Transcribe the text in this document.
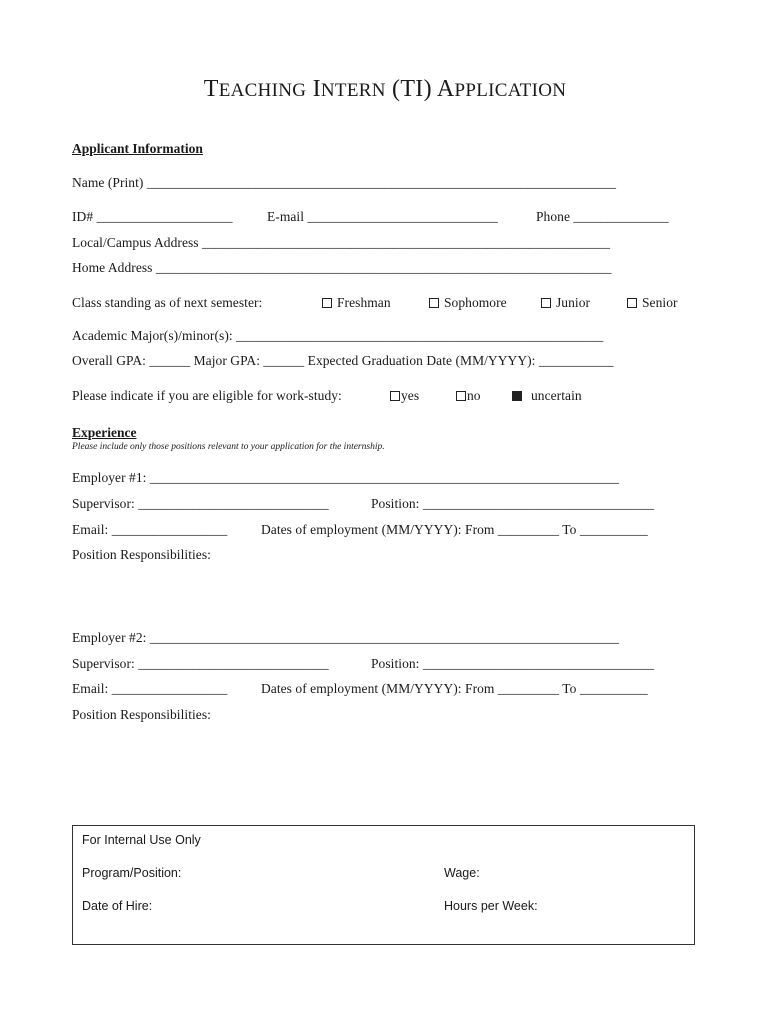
TEACHING INTERN (TI) APPLICATION
Applicant Information
Name (Print) _____________________________________________________________________
ID# ____________________	E-mail ____________________________	Phone ______________
Local/Campus Address ____________________________________________________________
Home Address ___________________________________________________________________
Class standing as of next semester:	Freshman	Sophomore	Junior	Senior
Academic Major(s)/minor(s): ______________________________________________________
Overall GPA: ______ Major GPA: ______ Expected Graduation Date (MM/YYYY): ___________
Please indicate if you are eligible for work-study:	yes	no	uncertain
Experience
Please include only those positions relevant to your application for the internship.
Employer #1: _____________________________________________________________________
Supervisor: ____________________________	Position: __________________________________
Email: _________________ Dates of employment (MM/YYYY): From _________ To __________
Position Responsibilities:
Employer #2: _____________________________________________________________________
Supervisor: ____________________________	Position: __________________________________
Email: _________________ Dates of employment (MM/YYYY): From _________ To __________
Position Responsibilities:
For Internal Use Only
Program/Position:	Wage:
Date of Hire:	Hours per Week:
